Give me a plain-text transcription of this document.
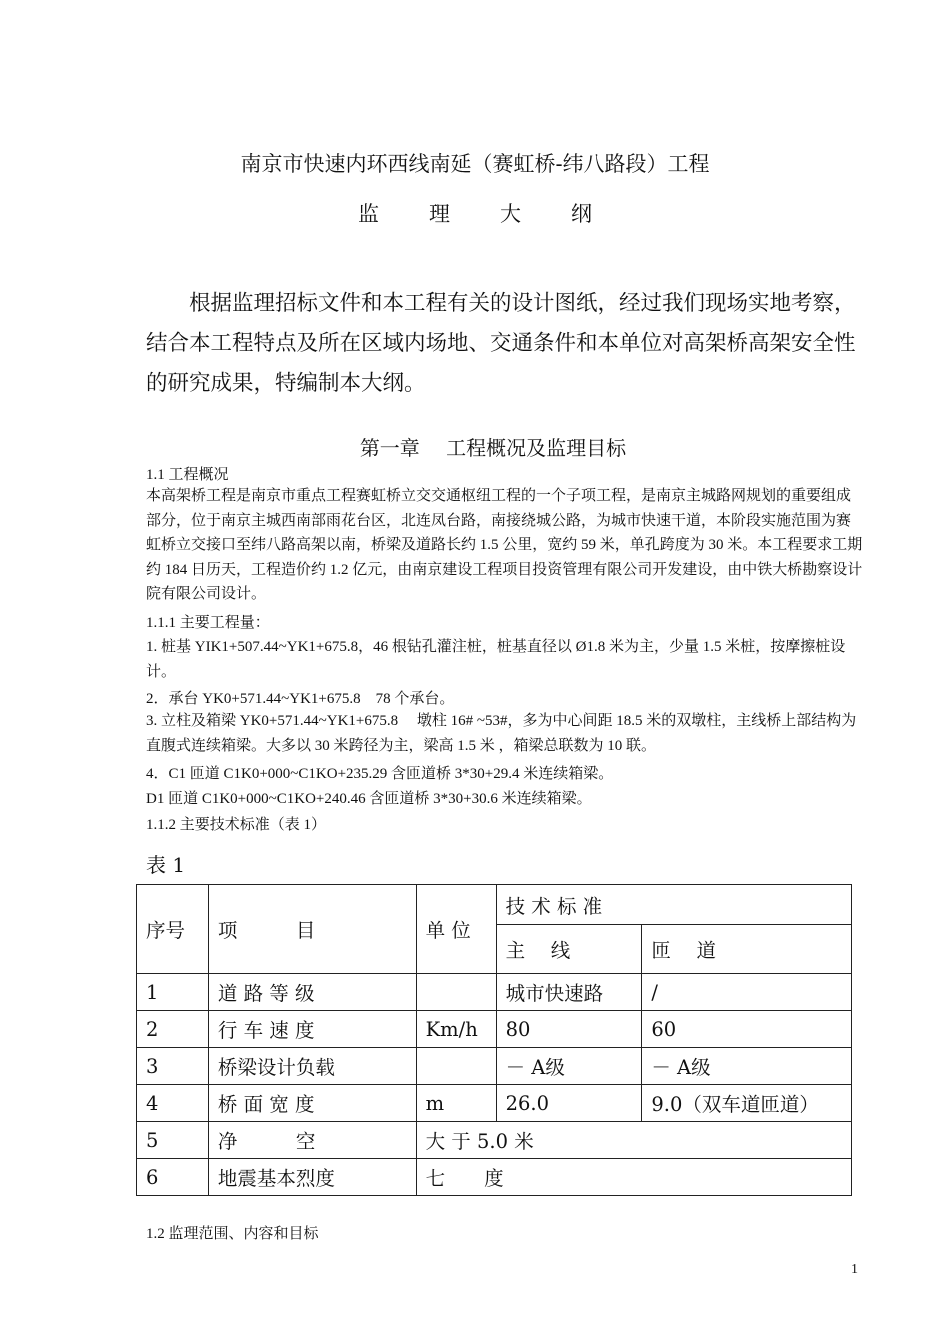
南京市快速内环西线南延（赛虹桥-纬八路段）工程
监 理 大 纲
根据监理招标文件和本工程有关的设计图纸，经过我们现场实地考察，结合本工程特点及所在区域内场地、交通条件和本单位对高架桥高架安全性的研究成果，特编制本大纲。
第一章　 工程概况及监理目标
1.1 工程概况
本高架桥工程是南京市重点工程赛虹桥立交交通枢纽工程的一个子项工程，是南京主城路网规划的重要组成部分，位于南京主城西南部雨花台区，北连凤台路，南接绕城公路，为城市快速干道，本阶段实施范围为赛虹桥立交接口至纬八路高架以南，桥梁及道路长约 1.5 公里，宽约 59 米，单孔跨度为 30 米。本工程要求工期约 184 日历天，工程造价约 1.2 亿元，由南京建设工程项目投资管理有限公司开发建设，由中铁大桥勘察设计院有限公司设计。
1.1.1 主要工程量：
1. 桩基 YIK1+507.44~YK1+675.8，46 根钻孔灌注桩，桩基直径以 Ø1.8 米为主，少量 1.5 米桩，按摩擦桩设计。
2．承台 YK0+571.44~YK1+675.8　78 个承台。
3. 立柱及箱梁 YK0+571.44~YK1+675.8　 墩柱 16# ~53#，多为中心间距 18.5 米的双墩柱，主线桥上部结构为直腹式连续箱梁。大多以 30 米跨径为主，梁高 1.5 米 ，箱梁总联数为 10 联。
4．C1 匝道 C1K0+000~C1KO+235.29 含匝道桥 3*30+29.4 米连续箱梁。
D1 匝道 C1K0+000~C1KO+240.46 含匝道桥 3*30+30.6 米连续箱梁。
1.1.2 主要技术标准（表 1）
表 1
序号	项　　　目	单 位	技 术 标 准	
			主　 线	匝　 道
1	道 路 等 级		城市快速路	/
2	行 车 速 度	Km/h	80	60
3	桥梁设计负载		－ A级	－ A级
4	桥 面 宽 度	m	26.0	9.0（双车道匝道）
5	净　　　空	大 于 5.0 米		
6	地震基本烈度	七　　度		
1.2 监理范围、内容和目标
1
